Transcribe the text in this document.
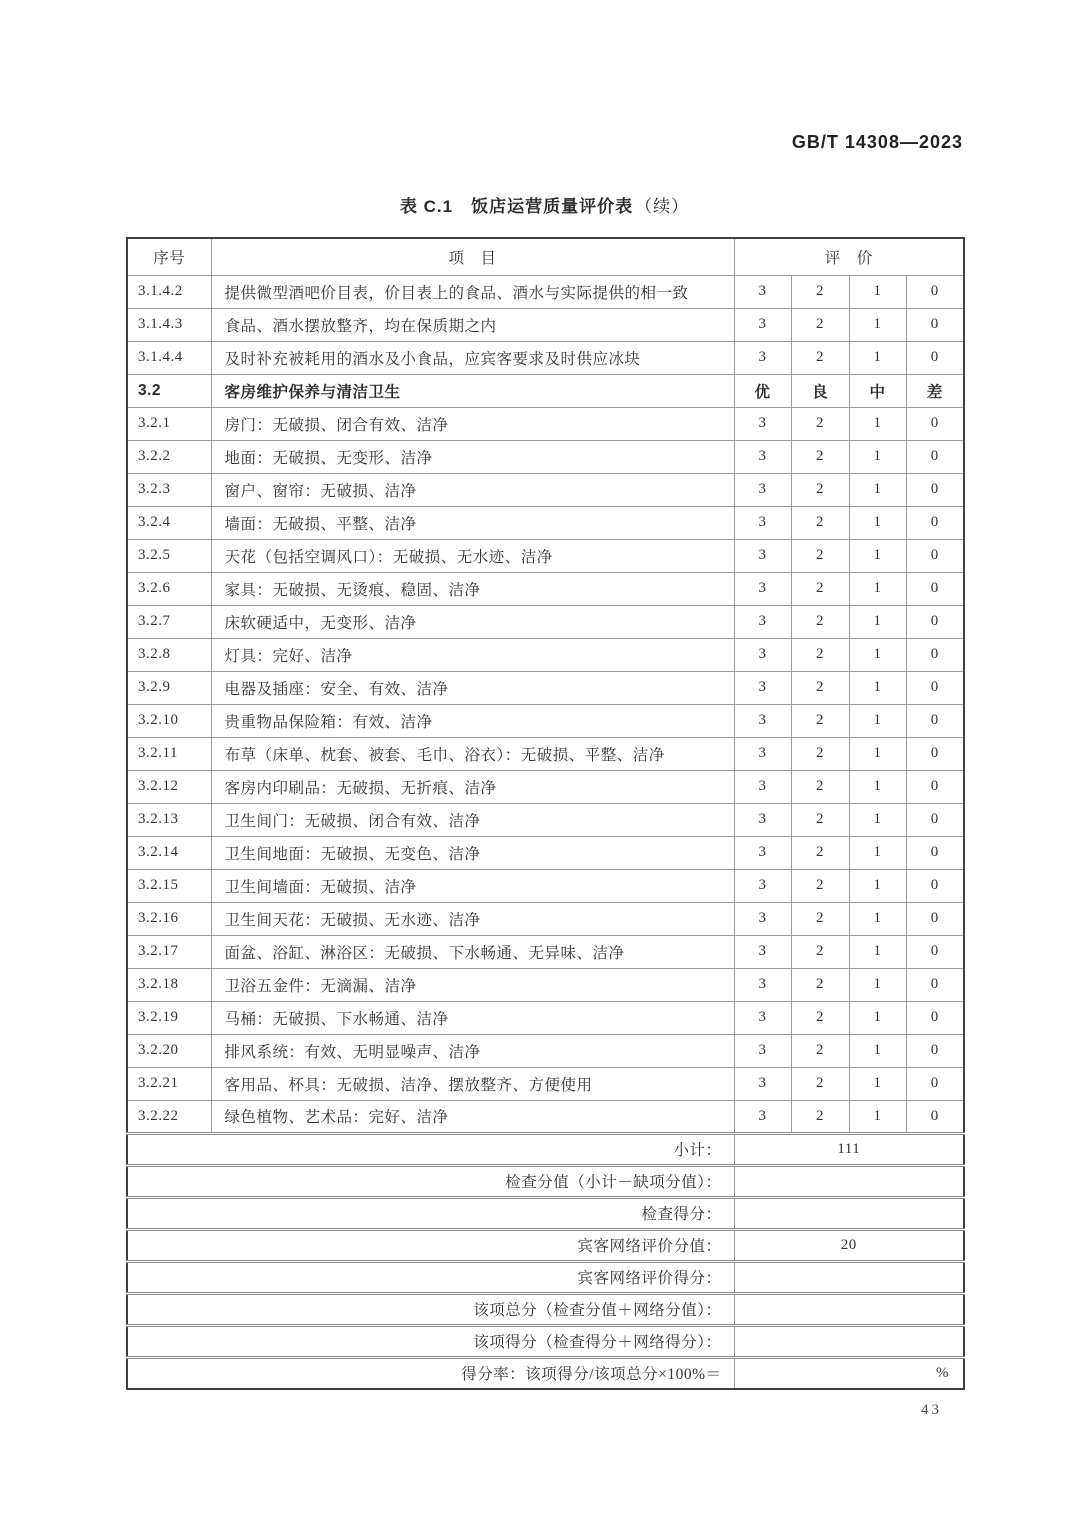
GB/T 14308—2023
表 C.1　饭店运营质量评价表 （续）
序号	项　目	评　价			
3.1.4.2	提供微型酒吧价目表，价目表上的食品、酒水与实际提供的相一致	3	2	1	0
3.1.4.3	食品、酒水摆放整齐，均在保质期之内	3	2	1	0
3.1.4.4	及时补充被耗用的酒水及小食品，应宾客要求及时供应冰块	3	2	1	0
3.2	客房维护保养与清洁卫生	优	良	中	差
3.2.1	房门：无破损、闭合有效、洁净	3	2	1	0
3.2.2	地面：无破损、无变形、洁净	3	2	1	0
3.2.3	窗户、窗帘：无破损、洁净	3	2	1	0
3.2.4	墙面：无破损、平整、洁净	3	2	1	0
3.2.5	天花（包括空调风口）：无破损、无水迹、洁净	3	2	1	0
3.2.6	家具：无破损、无烫痕、稳固、洁净	3	2	1	0
3.2.7	床软硬适中，无变形、洁净	3	2	1	0
3.2.8	灯具：完好、洁净	3	2	1	0
3.2.9	电器及插座：安全、有效、洁净	3	2	1	0
3.2.10	贵重物品保险箱：有效、洁净	3	2	1	0
3.2.11	布草（床单、枕套、被套、毛巾、浴衣）：无破损、平整、洁净	3	2	1	0
3.2.12	客房内印刷品：无破损、无折痕、洁净	3	2	1	0
3.2.13	卫生间门：无破损、闭合有效、洁净	3	2	1	0
3.2.14	卫生间地面：无破损、无变色、洁净	3	2	1	0
3.2.15	卫生间墙面：无破损、洁净	3	2	1	0
3.2.16	卫生间天花：无破损、无水迹、洁净	3	2	1	0
3.2.17	面盆、浴缸、淋浴区：无破损、下水畅通、无异味、洁净	3	2	1	0
3.2.18	卫浴五金件：无滴漏、洁净	3	2	1	0
3.2.19	马桶：无破损、下水畅通、洁净	3	2	1	0
3.2.20	排风系统：有效、无明显噪声、洁净	3	2	1	0
3.2.21	客用品、杯具：无破损、洁净、摆放整齐、方便使用	3	2	1	0
3.2.22	绿色植物、艺术品：完好、洁净	3	2	1	0
小计：		111			
检查分值（小计－缺项分值）：					
检查得分：					
宾客网络评价分值：		20			
宾客网络评价得分：					
该项总分（检查分值＋网络分值）：					
该项得分（检查得分＋网络得分）：					
得分率：该项得分/该项总分×100%＝		%			
43
